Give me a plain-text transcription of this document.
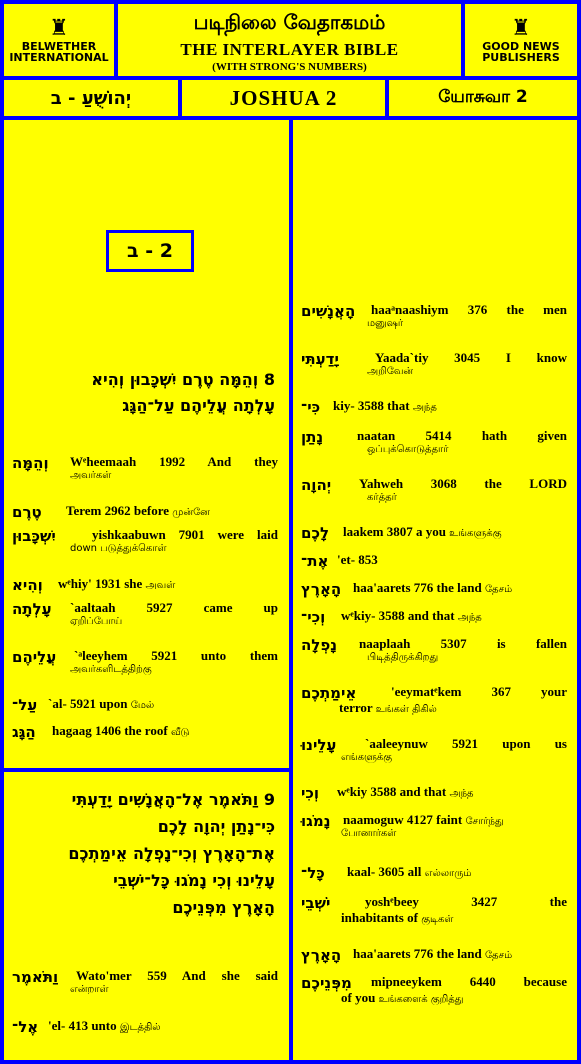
♜
BELWETHER
INTERNATIONAL
படிநிலை வேதாகமம்
THE INTERLAYER BIBLE
(WITH STRONG'S NUMBERS)
♜
GOOD NEWS
PUBLISHERS
יְהוֹשֻׁעַ - ב	JOSHUA 2	யோசுவா 2
2 - ב
8 וְהֵמָּה טֶרֶם יִשְׁכָּבוּן וְהִיא
עָלְתָה עֲלֵיהֶם עַל־הַגָּג
וְהֵמָּה	Wᵉheemaah 1992 And they
அவர்கள்
טֶרֶם Terem 2962 before முன்னே
יִשְׁכָּבוּן	yishkaabuwn 7901 were laid
down படுத்துக்கொள்
וְהִיא wᵉhiy' 1931 she அவள்
עָלְתָה	`aaltaah 5927 came up
ஏறிப்போய்
עֲלֵיהֶם	`ᵃleeyhem 5921 unto them
அவர்களிடத்திற்கு
עַל־ `al- 5921 upon மேல்
הַגָּג hagaag 1406 the roof வீடு
9 וַתֹּאמֶר אֶל־הָאֲנָשִׁים יָדַעְתִּי
כִּי־נָתַן יְהוָה לָכֶם
אֶת־הָאָרֶץ וְכִי־נָפְלָה אֵימַתְכֶם
עָלֵינוּ וְכִי נָמֹגוּ כָּל־יֹשְׁבֵי
הָאָרֶץ מִפְּנֵיכֶם
וַתֹּאמֶר	Wato'mer 559 And she said
என்றாள்
אֶל־ 'el- 413 unto இடத்தில்
הָאֲנָשִׁים	haaᵃnaashiym 376 the men
மனுஷர்
יָדַעְתִּי	Yaada`tiy 3045 I know
அறிவேன்
כִּי־ kiy- 3588 that அந்த
נָתַן	naatan 5414 hath given
ஒப்புக்கொடுத்தார்
יְהוָה	Yahweh 3068 the LORD
கர்த்தர்
לָכֶם laakem 3807 a you உங்களுக்கு
אֶת־ 'et- 853
הָאָרֶץ haa'aarets 776 the land தேசம்
וְכִי־ wᵉkiy- 3588 and that அந்த
נָפְלָה	naaplaah 5307 is fallen
பிடித்திருக்கிறது
אֵימַתְכֶם	'eeymatᵉkem 367 your
terror உங்கள் திகில்
עָלֵינוּ	`aaleeynuw 5921 upon us
எங்களுக்கு
וְכִי wᵉkiy 3588 and that அந்த
נָמֹגוּ naamoguw 4127 faint சோர்ந்து
போனார்கள்
כָּל־ kaal- 3605 all எல்லாரும்
יֹשְׁבֵי	yoshᵉbeey 3427 the
inhabitants of குடிகள்
הָאָרֶץ haa'aarets 776 the land தேசம்
מִפְּנֵיכֶם	mipneeykem 6440 because
of you உங்களைக் குறித்து
